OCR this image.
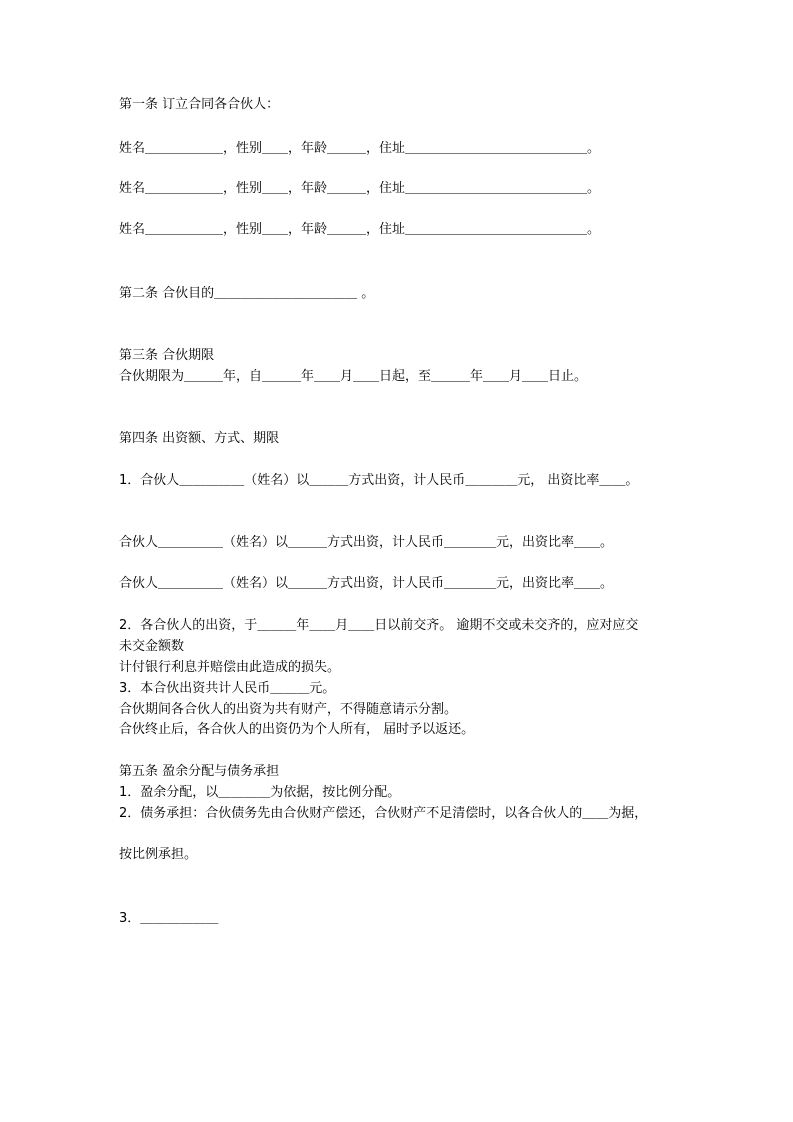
第一条 订立合同各合伙人：
姓名＿＿＿＿＿＿，性别＿＿，年龄＿＿＿，住址＿＿＿＿＿＿＿＿＿＿＿＿＿＿。
姓名＿＿＿＿＿＿，性别＿＿，年龄＿＿＿，住址＿＿＿＿＿＿＿＿＿＿＿＿＿＿。
姓名＿＿＿＿＿＿，性别＿＿，年龄＿＿＿，住址＿＿＿＿＿＿＿＿＿＿＿＿＿＿。
第二条 合伙目的＿＿＿＿＿＿＿＿＿＿＿ 。
第三条 合伙期限
合伙期限为＿＿＿年，自＿＿＿年＿＿月＿＿日起，至＿＿＿年＿＿月＿＿日止。
第四条 出资额、方式、期限
1．合伙人＿＿＿＿＿（姓名）以＿＿＿方式出资，计人民币＿＿＿＿元， 出资比率＿＿。
合伙人＿＿＿＿＿（姓名）以＿＿＿方式出资，计人民币＿＿＿＿元，出资比率＿＿。
合伙人＿＿＿＿＿（姓名）以＿＿＿方式出资，计人民币＿＿＿＿元，出资比率＿＿。
2．各合伙人的出资，于＿＿＿年＿＿月＿＿日以前交齐。 逾期不交或未交齐的，应对应交
未交金额数
计付银行利息并赔偿由此造成的损失。
3．本合伙出资共计人民币＿＿＿元。
合伙期间各合伙人的出资为共有财产，不得随意请示分割。
合伙终止后，各合伙人的出资仍为个人所有， 届时予以返还。
第五条 盈余分配与债务承担
1．盈余分配，以＿＿＿＿为依据，按比例分配。
2．债务承担：合伙债务先由合伙财产偿还，合伙财产不足清偿时，以各合伙人的＿＿为据，
按比例承担。
3．＿＿＿＿＿＿
